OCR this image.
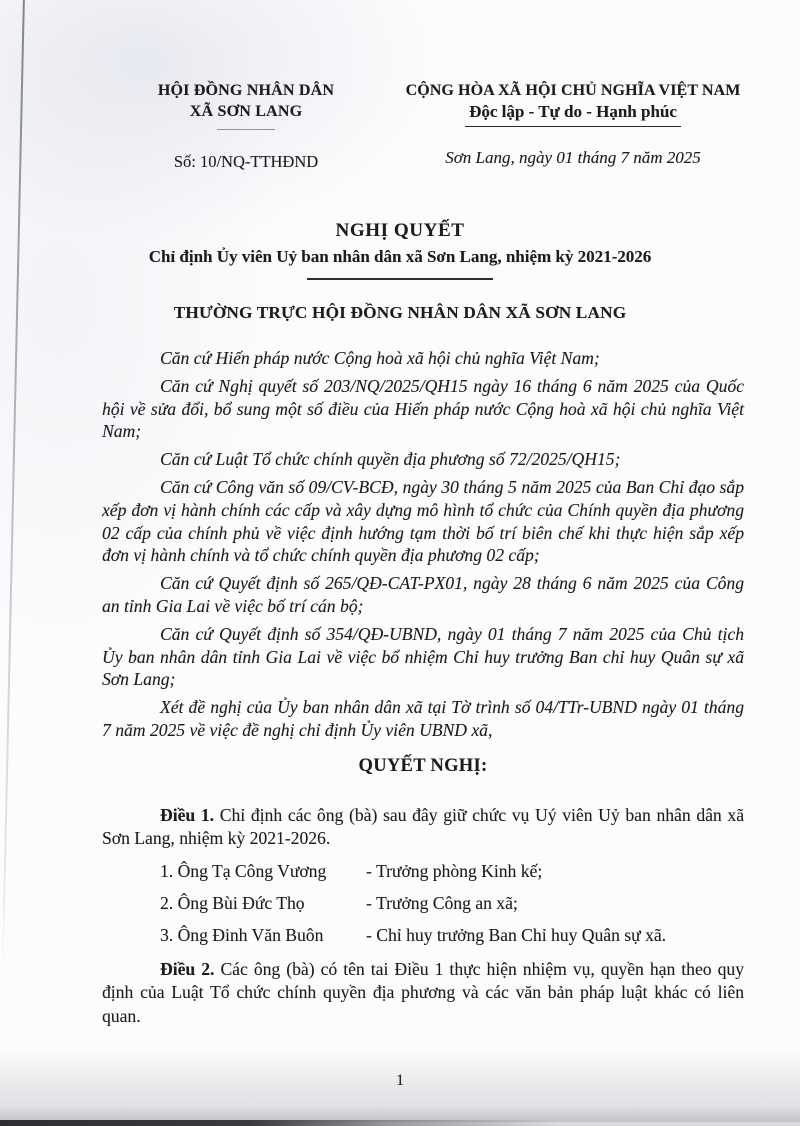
HỘI ĐỒNG NHÂN DÂN
XÃ SƠN LANG
Số: 10/NQ-TTHĐND
CỘNG HÒA XÃ HỘI CHỦ NGHĨA VIỆT NAM
Độc lập - Tự do - Hạnh phúc
Sơn Lang, ngày 01 tháng 7 năm 2025
NGHỊ QUYẾT
Chỉ định Ủy viên Uỷ ban nhân dân xã Sơn Lang, nhiệm kỳ 2021-2026
THƯỜNG TRỰC HỘI ĐỒNG NHÂN DÂN XÃ SƠN LANG

Căn cứ Hiến pháp nước Cộng hoà xã hội chủ nghĩa Việt Nam;

Căn cứ Nghị quyết số 203/NQ/2025/QH15 ngày 16 tháng 6 năm 2025 của Quốc hội về sửa đổi, bổ sung một số điều của Hiến pháp nước Cộng hoà xã hội chủ nghĩa Việt Nam;

Căn cứ Luật Tổ chức chính quyền địa phương số 72/2025/QH15;

Căn cứ Công văn số 09/CV-BCĐ, ngày 30 tháng 5 năm 2025 của Ban Chỉ đạo sắp xếp đơn vị hành chính các cấp và xây dựng mô hình tổ chức của Chính quyền địa phương 02 cấp của chính phủ về việc định hướng tạm thời bố trí biên chế khi thực hiện sắp xếp đơn vị hành chính và tổ chức chính quyền địa phương 02 cấp;

Căn cứ Quyết định số 265/QĐ-CAT-PX01, ngày 28 tháng 6 năm 2025 của Công an tỉnh Gia Lai về việc bố trí cán bộ;

Căn cứ Quyết định số 354/QĐ-UBND, ngày 01 tháng 7 năm 2025 của Chủ tịch Ủy ban nhân dân tỉnh Gia Lai về việc bổ nhiệm Chỉ huy trưởng Ban chỉ huy Quân sự xã Sơn Lang;

Xét đề nghị của Ủy ban nhân dân xã tại Tờ trình số 04/TTr-UBND ngày 01 tháng 7 năm 2025 về việc đề nghị chỉ định Ủy viên UBND xã,

QUYẾT NGHỊ:

Điều 1. Chỉ định các ông (bà) sau đây giữ chức vụ Uý viên Uỷ ban nhân dân xã Sơn Lang, nhiệm kỳ 2021-2026.

1. Ông Tạ Công Vương	- Trưởng phòng Kinh kế;
2. Ông Bùi Đức Thọ	- Trưởng Công an xã;
3. Ông Đinh Văn Buôn	- Chỉ huy trưởng Ban Chỉ huy Quân sự xã.

Điều 2. Các ông (bà) có tên tai Điều 1 thực hiện nhiệm vụ, quyền hạn theo quy định của Luật Tổ chức chính quyền địa phương và các văn bản pháp luật khác có liên quan.

1
